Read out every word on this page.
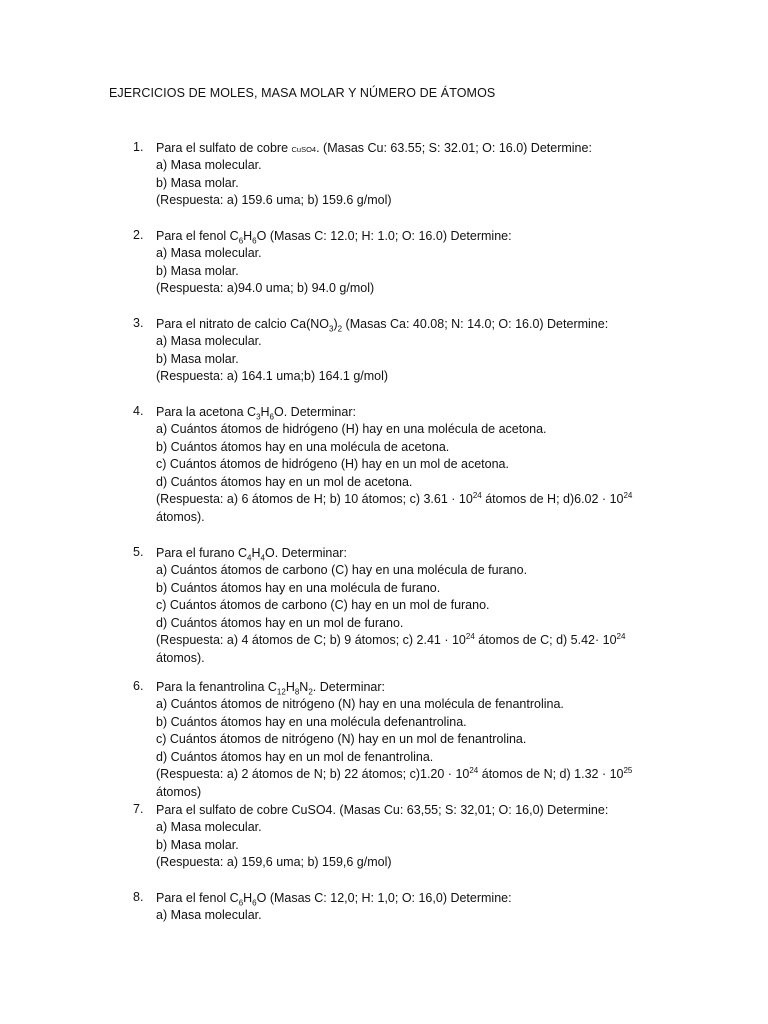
EJERCICIOS DE MOLES, MASA MOLAR Y NÚMERO DE ÁTOMOS
1. Para el sulfato de cobre CuSO4. (Masas Cu: 63.55; S: 32.01; O: 16.0) Determine:
a) Masa molecular.
b) Masa molar.
(Respuesta: a) 159.6 uma; b) 159.6 g/mol)
2. Para el fenol $C_6H_6O$ (Masas C: 12.0; H: 1.0; O: 16.0) Determine:
a) Masa molecular.
b) Masa molar.
(Respuesta: a)94.0 uma; b) 94.0 g/mol)
3. Para el nitrato de calcio $Ca(NO_3)_2$ (Masas Ca: 40.08; N: 14.0; O: 16.0) Determine:
a) Masa molecular.
b) Masa molar.
(Respuesta: a) 164.1 uma;b) 164.1 g/mol)
4. Para la acetona $C_3H_6O$. Determinar:
a) Cuántos átomos de hidrógeno (H) hay en una molécula de acetona.
b) Cuántos átomos hay en una molécula de acetona.
c) Cuántos átomos de hidrógeno (H) hay en un mol de acetona.
d) Cuántos átomos hay en un mol de acetona.
(Respuesta: a) 6 átomos de H; b) 10 átomos; c) $3.61 \cdot 10^{24}$ átomos de H; $d)6.02 \cdot 10^{24}$
átomos).
5. Para el furano $C_4H_4O$. Determinar:
a) Cuántos átomos de carbono (C) hay en una molécula de furano.
b) Cuántos átomos hay en una molécula de furano.
c) Cuántos átomos de carbono (C) hay en un mol de furano.
d) Cuántos átomos hay en un mol de furano.
(Respuesta: a) 4 átomos de C; b) 9 átomos; c) $2.41 \cdot 10^{24}$ átomos de C; d) $5.42\cdot 10^{24}$
átomos).
6. Para la fenantrolina $C_{12}H_8N_2$. Determinar:
a) Cuántos átomos de nitrógeno (N) hay en una molécula de fenantrolina.
b) Cuántos átomos hay en una molécula defenantrolina.
c) Cuántos átomos de nitrógeno (N) hay en un mol de fenantrolina.
d) Cuántos átomos hay en un mol de fenantrolina.
(Respuesta: a) 2 átomos de N; b) 22 átomos; $c)1.20 \cdot 10^{24}$ átomos de N; d) $1.32 \cdot 10^{25}$
átomos)
7. Para el sulfato de cobre CuSO4. (Masas Cu: 63,55; S: 32,01; O: 16,0) Determine:
a) Masa molecular.
b) Masa molar.
(Respuesta: a) 159,6 uma; b) 159,6 g/mol)
8. Para el fenol $C_6H_6O$ (Masas C: 12,0; H: 1,0; O: 16,0) Determine:
a) Masa molecular.
